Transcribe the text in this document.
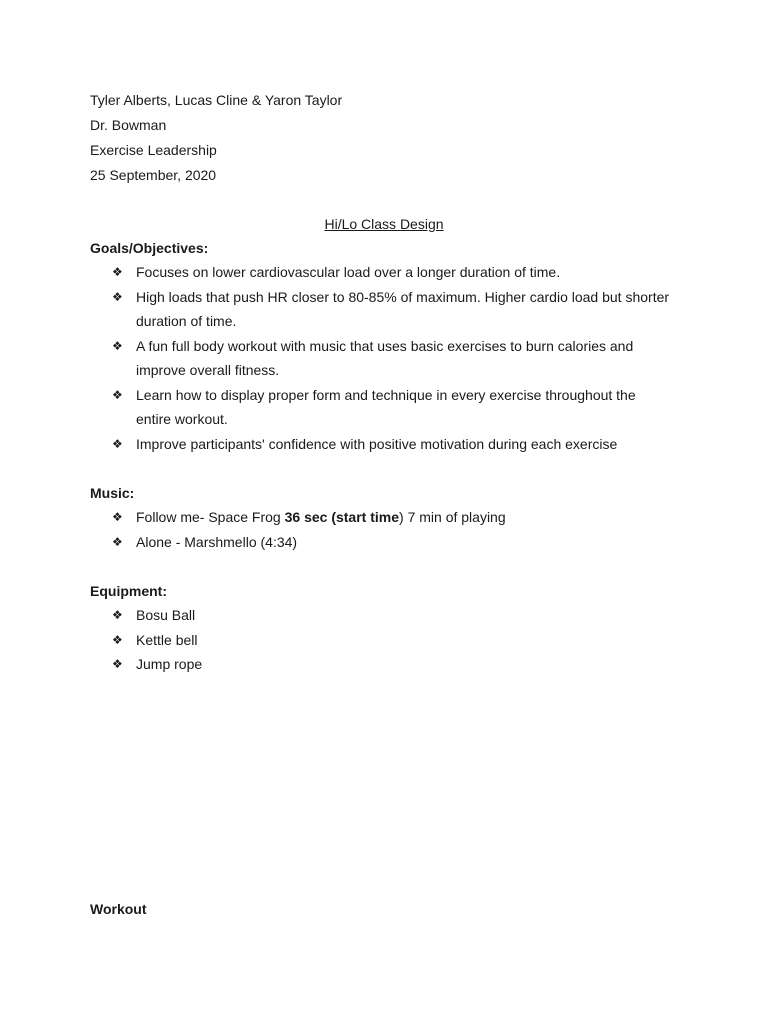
Tyler Alberts, Lucas Cline & Yaron Taylor
Dr. Bowman
Exercise Leadership
25 September, 2020
Hi/Lo Class Design
Goals/Objectives:
❖ Focuses on lower cardiovascular load over a longer duration of time.
❖ High loads that push HR closer to 80-85% of maximum. Higher cardio load but shorter duration of time.
❖ A fun full body workout with music that uses basic exercises to burn calories and improve overall fitness.
❖ Learn how to display proper form and technique in every exercise throughout the entire workout.
❖ Improve participants' confidence with positive motivation during each exercise
Music:
❖ Follow me- Space Frog 36 sec (start time) 7 min of playing
❖ Alone - Marshmello (4:34)
Equipment:
❖ Bosu Ball
❖ Kettle bell
❖ Jump rope
Workout
